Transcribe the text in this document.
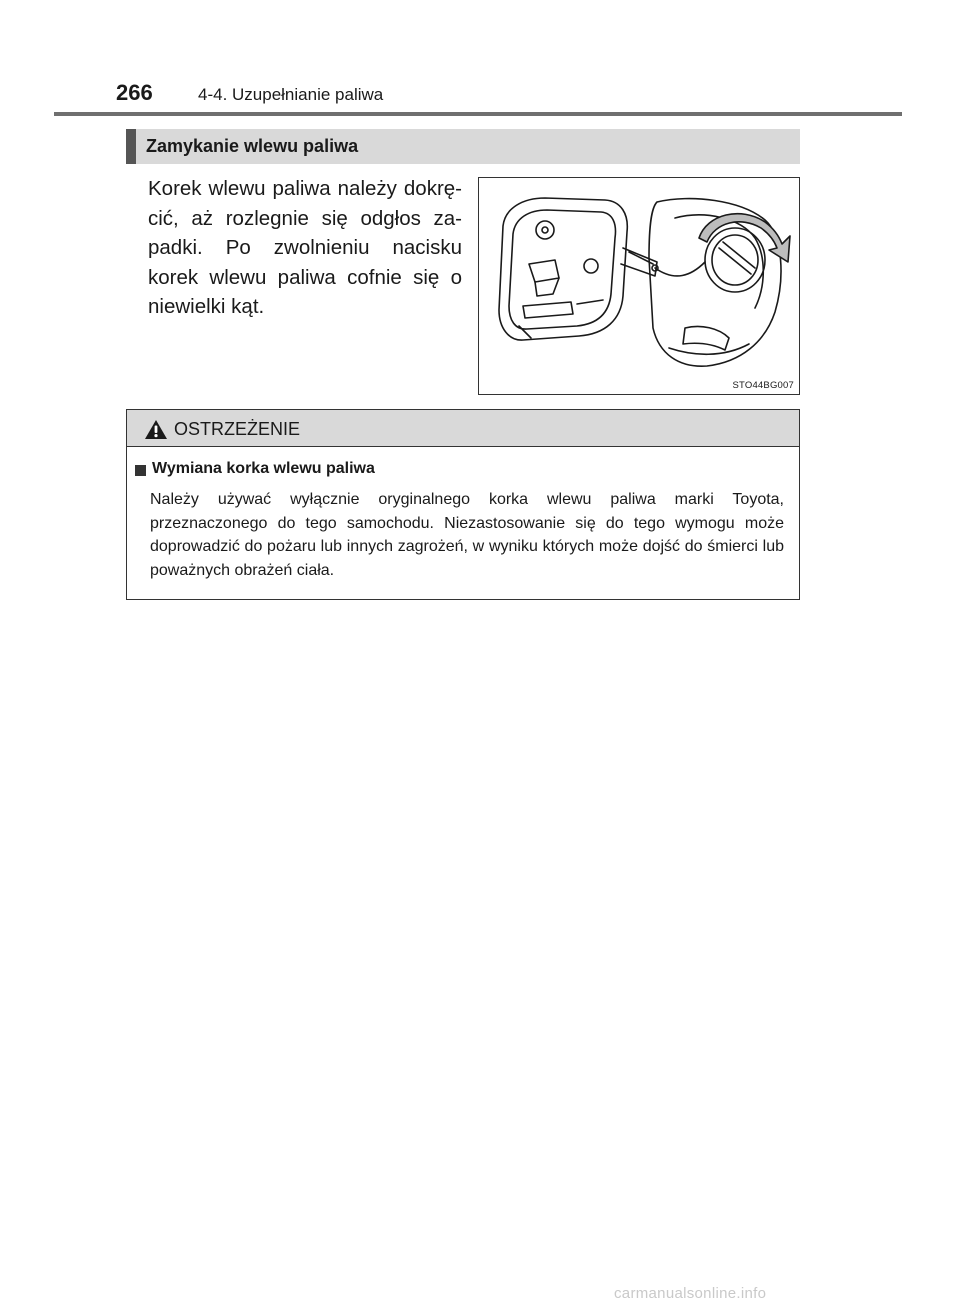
266	4-4. Uzupełnianie paliwa
Zamykanie wlewu paliwa

Korek wlewu paliwa należy dokrę-cić, aż rozlegnie się odgłos za-padki. Po zwolnieniu nacisku korek wlewu paliwa cofnie się o niewielki kąt.

STO44BG007
OSTRZEŻENIE
Wymiana korka wlewu paliwa

Należy używać wyłącznie oryginalnego korka wlewu paliwa marki Toyota, przeznaczonego do tego samochodu. Niezastosowanie się do tego wymogu może doprowadzić do pożaru lub innych zagrożeń, w wyniku których może dojść do śmierci lub poważnych obrażeń ciała.

carmanualsonline.info
